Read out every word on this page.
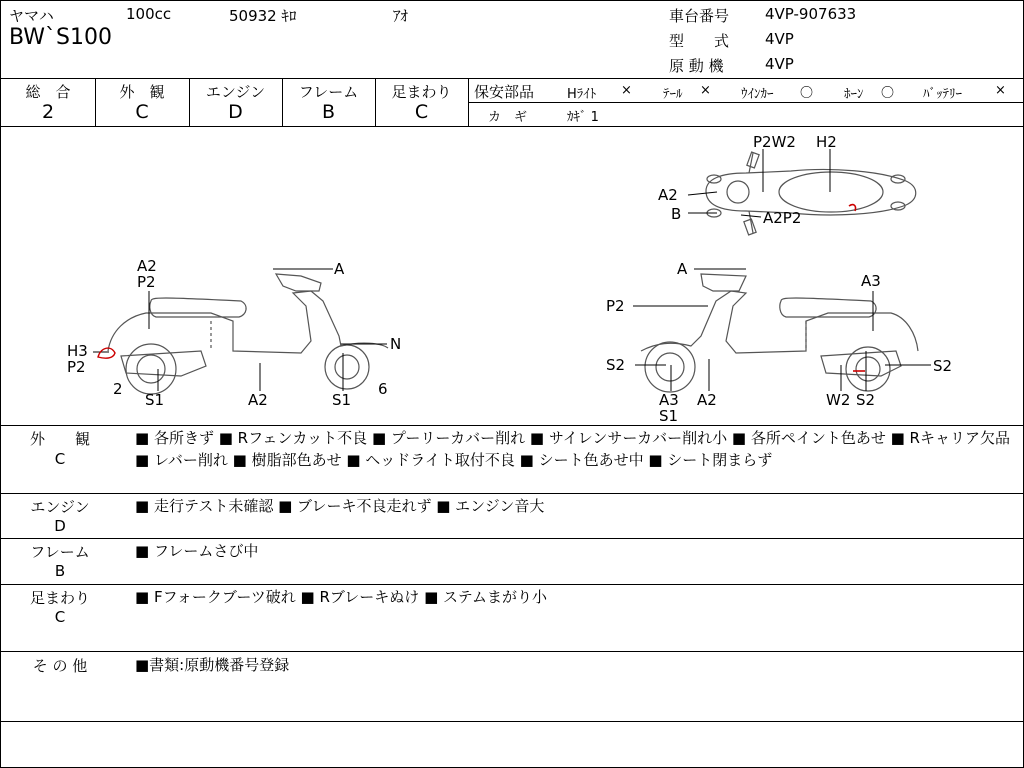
ヤマハ	100cc	50932 ｷﾛ	ｱｵ
BW`S100
車台番号 4VP-907633
型　　式 4VP
原 動 機	4VP
総　合
2
外　観
C
エンジン
D
フレーム
B
足まわり
C
保安部品	Hﾗｲﾄ × ﾃｰﾙ × ｳｲﾝｶｰ 〇 ﾎｰﾝ 〇 ﾊﾞｯﾃﾘｰ	×
カ　ギ	ｶｷﾞ 1
P2W2 H2
A2
B	A2P2
A2
P2
A
H3
P2
N
2
S1	A2	S1
6
A
P2
A3
S2	S2
A3
S1
A2	W2 S2
外　　観
C
■ 各所きず ■ Rフェンカット不良 ■ プーリーカバー削れ ■ サイレンサーカバー削れ小 ■ 各所ペイント色あせ ■ Rキャリア欠品 ■ レバー削れ ■ 樹脂部色あせ ■ ヘッドライト取付不良 ■ シート色あせ中 ■ シート閉まらず
エンジン
D
■ 走行テスト未確認 ■ ブレーキ不良走れず ■ エンジン音大
フレーム
B
■ フレームさび中
足まわり
C
■ Fフォークブーツ破れ ■ Rブレーキぬけ ■ ステムまがり小
そ の 他	■書類:原動機番号登録
